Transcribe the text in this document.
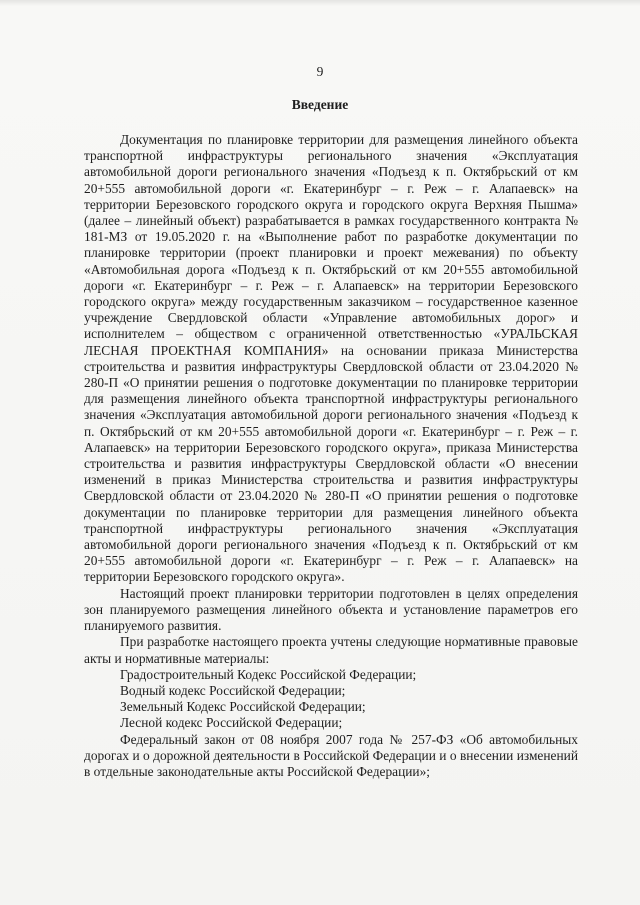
9
Введение

Документация по планировке территории для размещения линейного объекта транспортной инфраструктуры регионального значения «Эксплуатация автомобильной дороги регионального значения «Подъезд к п. Октябрьский от км 20+555 автомобильной дороги «г. Екатеринбург – г. Реж – г. Алапаевск» на территории Березовского городского округа и городского округа Верхняя Пышма» (далее – линейный объект) разрабатывается в рамках государственного контракта № 181-МЗ от 19.05.2020 г. на «Выполнение работ по разработке документации по планировке территории (проект планировки и проект межевания) по объекту «Автомобильная дорога «Подъезд к п. Октябрьский от км 20+555 автомобильной дороги «г. Екатеринбург – г. Реж – г. Алапаевск» на территории Березовского городского округа» между государственным заказчиком – государственное казенное учреждение Свердловской области «Управление автомобильных дорог» и исполнителем – обществом с ограниченной ответственностью «УРАЛЬСКАЯ ЛЕСНАЯ ПРОЕКТНАЯ КОМПАНИЯ» на основании приказа Министерства строительства и развития инфраструктуры Свердловской области от 23.04.2020 № 280-П «О принятии решения о подготовке документации по планировке территории для размещения линейного объекта транспортной инфраструктуры регионального значения «Эксплуатация автомобильной дороги регионального значения «Подъезд к п. Октябрьский от км 20+555 автомобильной дороги «г. Екатеринбург – г. Реж – г. Алапаевск» на территории Березовского городского округа», приказа Министерства строительства и развития инфраструктуры Свердловской области «О внесении изменений в приказ Министерства строительства и развития инфраструктуры Свердловской области от 23.04.2020 № 280-П «О принятии решения о подготовке документации по планировке территории для размещения линейного объекта транспортной инфраструктуры регионального значения «Эксплуатация автомобильной дороги регионального значения «Подъезд к п. Октябрьский от км 20+555 автомобильной дороги «г. Екатеринбург – г. Реж – г. Алапаевск» на территории Березовского городского округа».

Настоящий проект планировки территории подготовлен в целях определения зон планируемого размещения линейного объекта и установление параметров его планируемого развития.

При разработке настоящего проекта учтены следующие нормативные правовые акты и нормативные материалы:

Градостроительный Кодекс Российской Федерации;

Водный кодекс Российской Федерации;

Земельный Кодекс Российской Федерации;

Лесной кодекс Российской Федерации;

Федеральный закон от 08 ноября 2007 года № 257-ФЗ «Об автомобильных дорогах и о дорожной деятельности в Российской Федерации и о внесении изменений в отдельные законодательные акты Российской Федерации»;
